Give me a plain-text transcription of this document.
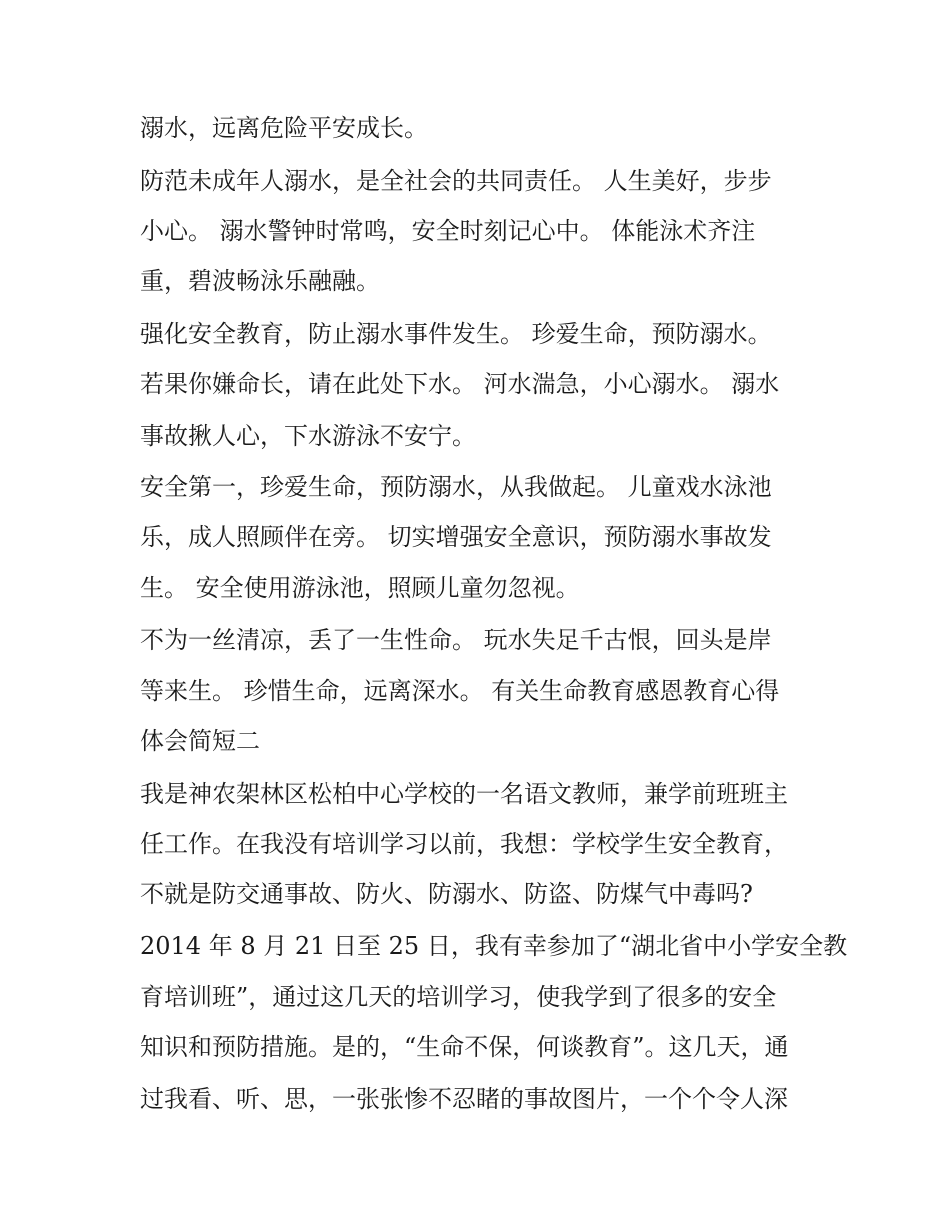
溺水，远离危险平安成长。
防范未成年人溺水，是全社会的共同责任。 人生美好，步步
小心。 溺水警钟时常鸣，安全时刻记心中。 体能泳术齐注
重，碧波畅泳乐融融。
强化安全教育，防止溺水事件发生。 珍爱生命，预防溺水。
若果你嫌命长，请在此处下水。 河水湍急，小心溺水。 溺水
事故揪人心，下水游泳不安宁。
安全第一，珍爱生命，预防溺水，从我做起。 儿童戏水泳池
乐，成人照顾伴在旁。 切实增强安全意识，预防溺水事故发
生。 安全使用游泳池，照顾儿童勿忽视。
不为一丝清凉，丢了一生性命。 玩水失足千古恨，回头是岸
等来生。 珍惜生命，远离深水。 有关生命教育感恩教育心得
体会简短二
我是神农架林区松柏中心学校的一名语文教师，兼学前班班主
任工作。在我没有培训学习以前，我想：学校学生安全教育，
不就是防交通事故、防火、防溺水、防盗、防煤气中毒吗?
2014 年 8 月 21 日至 25 日，我有幸参加了“湖北省中小学安全教
育培训班”，通过这几天的培训学习，使我学到了很多的安全
知识和预防措施。是的，“生命不保，何谈教育”。这几天，通
过我看、听、思，一张张惨不忍睹的事故图片，一个个令人深
